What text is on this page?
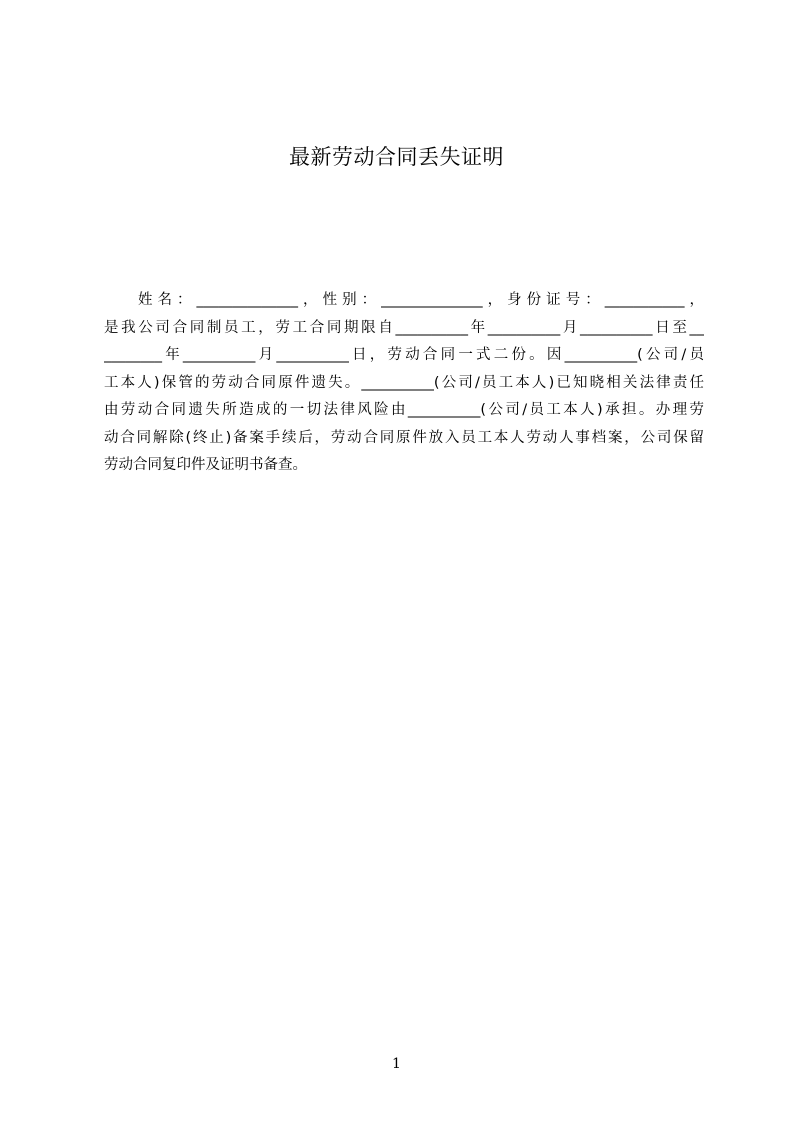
最新劳动合同丢失证明
姓名：______________，性别：______________，身份证号：___________，
是我公司合同制员工，劳工合同期限自__________年__________月__________日至__
________年__________月__________日，劳动合同一式二份。因__________(公司/员
工本人)保管的劳动合同原件遗失。__________(公司/员工本人)已知晓相关法律责任
由劳动合同遗失所造成的一切法律风险由__________(公司/员工本人)承担。办理劳
动合同解除(终止)备案手续后，劳动合同原件放入员工本人劳动人事档案，公司保留
劳动合同复印件及证明书备查。
1
